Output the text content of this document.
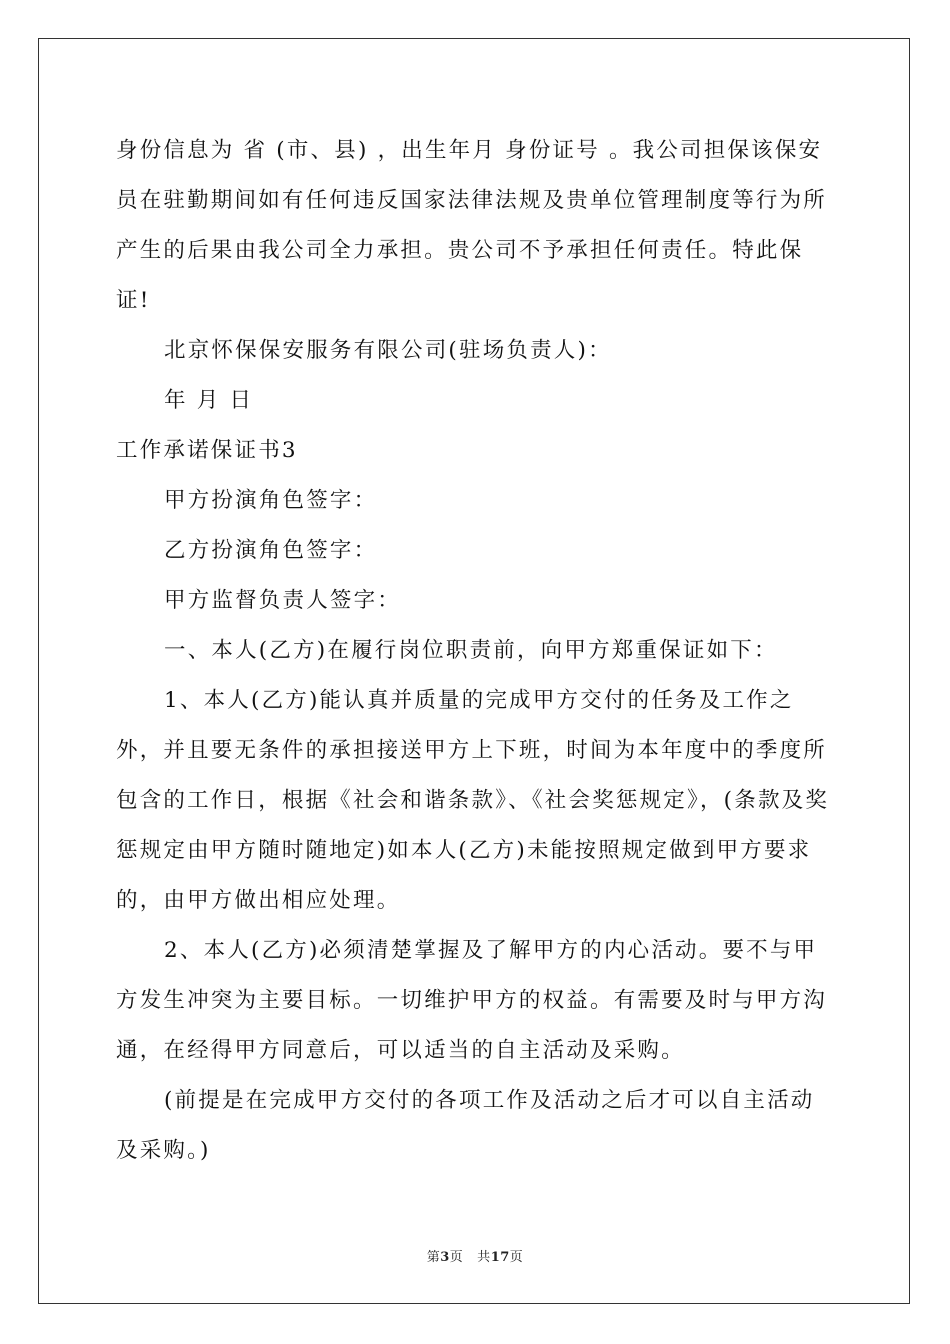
身份信息为 省 (市、县) ，出生年月 身份证号 。我公司担保该保安员在驻勤期间如有任何违反国家法律法规及贵单位管理制度等行为所产生的后果由我公司全力承担。贵公司不予承担任何责任。特此保证!

北京怀保保安服务有限公司(驻场负责人)：

年 月 日

工作承诺保证书3

甲方扮演角色签字：

乙方扮演角色签字：

甲方监督负责人签字：

一、本人(乙方)在履行岗位职责前，向甲方郑重保证如下：

1、本人(乙方)能认真并质量的完成甲方交付的任务及工作之外，并且要无条件的承担接送甲方上下班，时间为本年度中的季度所包含的工作日，根据《社会和谐条款》、《社会奖惩规定》，(条款及奖惩规定由甲方随时随地定)如本人(乙方)未能按照规定做到甲方要求的，由甲方做出相应处理。

2、本人(乙方)必须清楚掌握及了解甲方的内心活动。要不与甲方发生冲突为主要目标。一切维护甲方的权益。有需要及时与甲方沟通，在经得甲方同意后，可以适当的自主活动及采购。

(前提是在完成甲方交付的各项工作及活动之后才可以自主活动及采购。)

第3页 共17页
